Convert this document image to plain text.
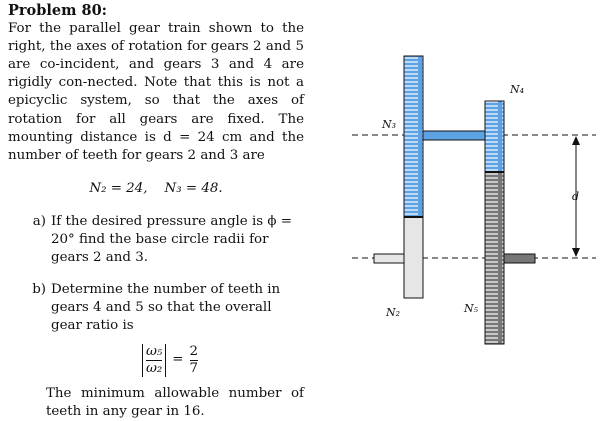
Problem 80:
For the parallel gear train shown to the right, the axes of rotation for gears 2 and 5 are co-incident, and gears 3 and 4 are rigidly con-nected. Note that this is not a epicyclic system, so that the axes of rotation for all gears are fixed. The mounting distance is d = 24 cm and the number of teeth for gears 2 and 3 are
N₂ = 24, N₃ = 48.
a) If the desired pressure angle is ϕ = 20° find the base circle radii for gears 2 and 3.
b) Determine the number of teeth in gears 4 and 5 so that the overall gear ratio is
$\frac{\text{ω₅}}{\text{ω₂}} = \frac{2}{7}$
The minimum allowable number of teeth in any gear in 16.
N₃
N₄
N₂	N₅
d
